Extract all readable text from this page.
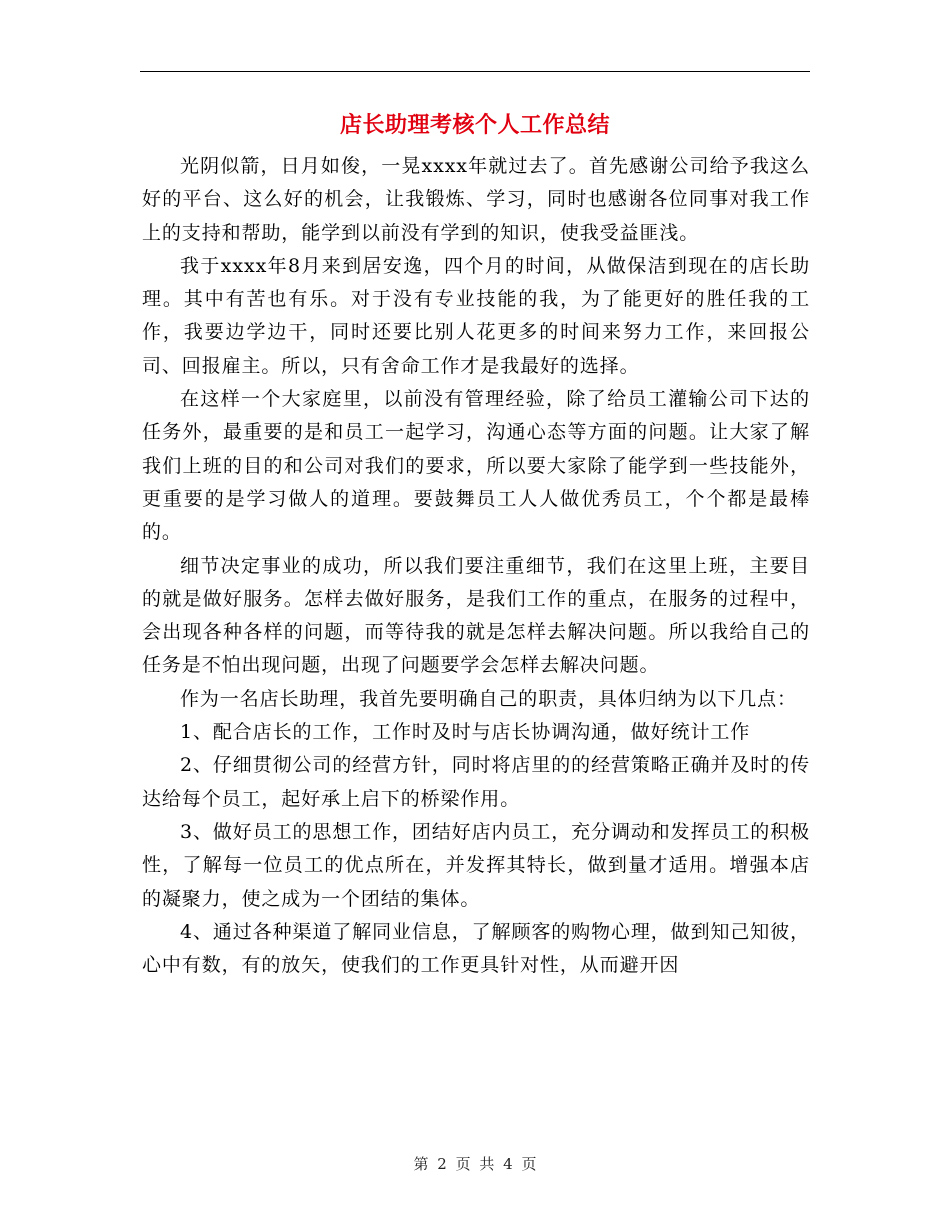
店长助理考核个人工作总结

光阴似箭，日月如俊，一晃xxxx年就过去了。首先感谢公司给予我这么好的平台、这么好的机会，让我锻炼、学习，同时也感谢各位同事对我工作上的支持和帮助，能学到以前没有学到的知识，使我受益匪浅。

我于xxxx年8月来到居安逸，四个月的时间，从做保洁到现在的店长助理。其中有苦也有乐。对于没有专业技能的我，为了能更好的胜任我的工作，我要边学边干，同时还要比别人花更多的时间来努力工作，来回报公司、回报雇主。所以，只有舍命工作才是我最好的选择。

在这样一个大家庭里，以前没有管理经验，除了给员工灌输公司下达的任务外，最重要的是和员工一起学习，沟通心态等方面的问题。让大家了解我们上班的目的和公司对我们的要求，所以要大家除了能学到一些技能外，更重要的是学习做人的道理。要鼓舞员工人人做优秀员工，个个都是最棒的。

细节决定事业的成功，所以我们要注重细节，我们在这里上班，主要目的就是做好服务。怎样去做好服务，是我们工作的重点，在服务的过程中，会出现各种各样的问题，而等待我的就是怎样去解决问题。所以我给自己的任务是不怕出现问题，出现了问题要学会怎样去解决问题。

作为一名店长助理，我首先要明确自己的职责，具体归纳为以下几点：

1、配合店长的工作，工作时及时与店长协调沟通，做好统计工作

2、仔细贯彻公司的经营方针，同时将店里的的经营策略正确并及时的传达给每个员工，起好承上启下的桥梁作用。

3、做好员工的思想工作，团结好店内员工，充分调动和发挥员工的积极性，了解每一位员工的优点所在，并发挥其特长，做到量才适用。增强本店的凝聚力，使之成为一个团结的集体。

4、通过各种渠道了解同业信息，了解顾客的购物心理，做到知己知彼，心中有数，有的放矢，使我们的工作更具针对性，从而避开因

第 2 页 共 4 页
